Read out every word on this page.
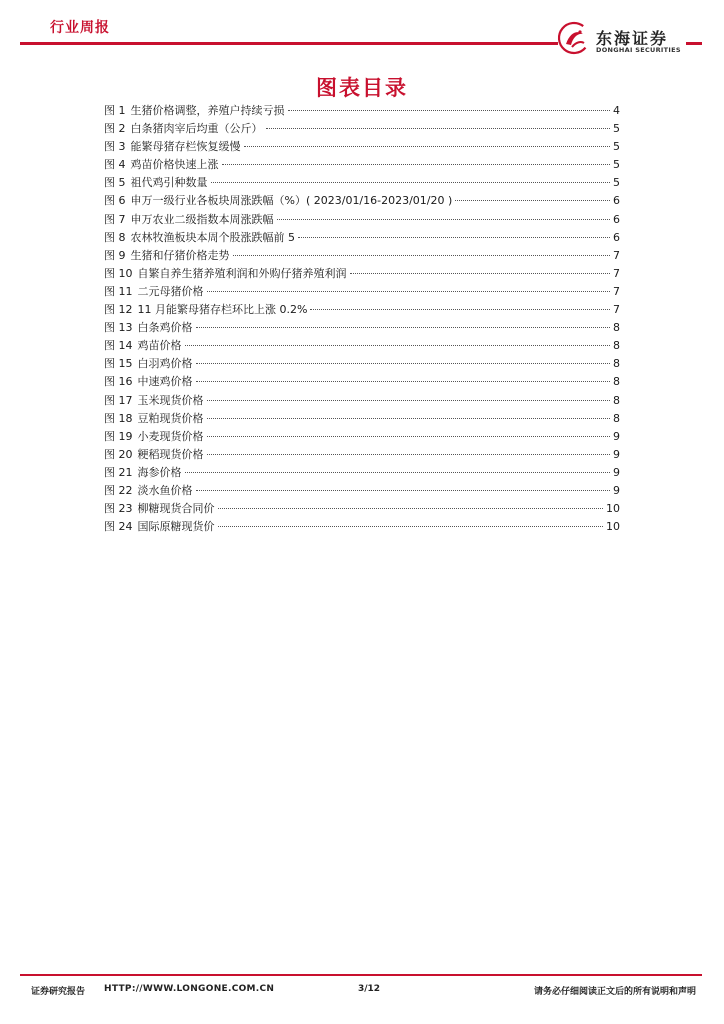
行业周报
东海证券
DONGHAI SECURITIES
图表目录
图 1 生猪价格调整，养殖户持续亏损	4
图 2 白条猪肉宰后均重（公斤）	5
图 3 能繁母猪存栏恢复缓慢	5
图 4 鸡苗价格快速上涨	5
图 5 祖代鸡引种数量	5
图 6 申万一级行业各板块周涨跌幅（%）( 2023/01/16-2023/01/20 )	6
图 7 申万农业二级指数本周涨跌幅	6
图 8 农林牧渔板块本周个股涨跌幅前 5	6
图 9 生猪和仔猪价格走势	7
图 10 自繁自养生猪养殖利润和外购仔猪养殖利润	7
图 11 二元母猪价格	7
图 12 11 月能繁母猪存栏环比上涨 0.2%	7
图 13 白条鸡价格	8
图 14 鸡苗价格	8
图 15 白羽鸡价格	8
图 16 中速鸡价格	8
图 17 玉米现货价格	8
图 18 豆粕现货价格	8
图 19 小麦现货价格	9
图 20 粳稻现货价格	9
图 21 海参价格	9
图 22 淡水鱼价格	9
图 23 柳糖现货合同价	10
图 24 国际原糖现货价	10
证券研究报告 HTTP://WWW.LONGONE.COM.CN	3/12	请务必仔细阅读正文后的所有说明和声明
